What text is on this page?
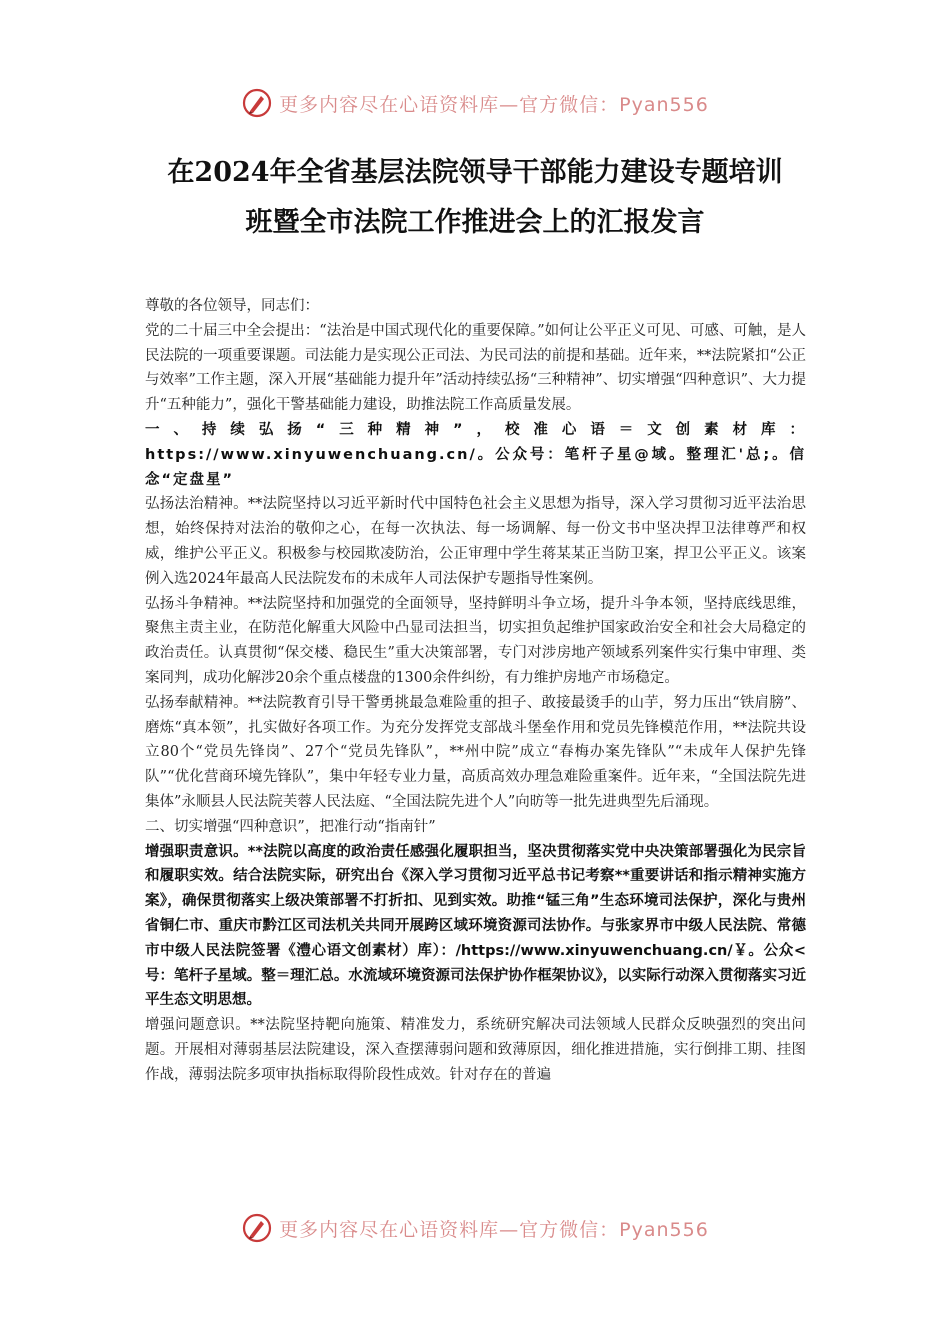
更多内容尽在心语资料库—官方微信：Pyan556
在2024年全省基层法院领导干部能力建设专题培训
班暨全市法院工作推进会上的汇报发言

尊敬的各位领导，同志们：

党的二十届三中全会提出：“法治是中国式现代化的重要保障。”如何让公平正义可见、可感、可触，是人民法院的一项重要课题。司法能力是实现公正司法、为民司法的前提和基础。近年来，**法院紧扣“公正与效率”工作主题，深入开展“基础能力提升年”活动持续弘扬“三种精神”、切实增强“四种意识”、大力提升“五种能力”，强化干警基础能力建设，助推法院工作高质量发展。

一、持续弘扬“三种精神”，校准心语＝文创素材库：https://www.xinyuwenchuang.cn/。公众号：笔杆子星@域。整理汇'总;。信念“定盘星”

弘扬法治精神。**法院坚持以习近平新时代中国特色社会主义思想为指导，深入学习贯彻习近平法治思想，始终保持对法治的敬仰之心，在每一次执法、每一场调解、每一份文书中坚决捍卫法律尊严和权威，维护公平正义。积极参与校园欺凌防治，公正审理中学生蒋某某正当防卫案，捍卫公平正义。该案例入选2024年最高人民法院发布的未成年人司法保护专题指导性案例。

弘扬斗争精神。**法院坚持和加强党的全面领导，坚持鲜明斗争立场，提升斗争本领，坚持底线思维，聚焦主责主业，在防范化解重大风险中凸显司法担当，切实担负起维护国家政治安全和社会大局稳定的政治责任。认真贯彻“保交楼、稳民生”重大决策部署，专门对涉房地产领域系列案件实行集中审理、类案同判，成功化解涉20余个重点楼盘的1300余件纠纷，有力维护房地产市场稳定。

弘扬奉献精神。**法院教育引导干警勇挑最急难险重的担子、敢接最烫手的山芋，努力压出“铁肩膀”、磨炼“真本领”，扎实做好各项工作。为充分发挥党支部战斗堡垒作用和党员先锋模范作用，**法院共设立80个“党员先锋岗”、27个“党员先锋队”，**州中院”成立“春梅办案先锋队”“未成年人保护先锋队”“优化营商环境先锋队”，集中年轻专业力量，高质高效办理急难险重案件。近年来，“全国法院先进集体”永顺县人民法院芙蓉人民法庭、“全国法院先进个人”向昉等一批先进典型先后涌现。

二、切实增强“四种意识”，把准行动“指南针”

增强职责意识。**法院以高度的政治责任感强化履职担当，坚决贯彻落实党中央决策部署强化为民宗旨和履职实效。结合法院实际，研究出台《深入学习贯彻习近平总书记考察**重要讲话和指示精神实施方案》，确保贯彻落实上级决策部署不打折扣、见到实效。助推“锰三角”生态环境司法保护，深化与贵州省铜仁市、重庆市黔江区司法机关共同开展跨区域环境资源司法协作。与张家界市中级人民法院、常德市中级人民法院签署《澧心语文创素材）库）：/https://www.xinyuwenchuang.cn/￥。公众<号：笔杆子星域。整＝理汇总。水流域环境资源司法保护协作框架协议》，以实际行动深入贯彻落实习近平生态文明思想。

增强问题意识。**法院坚持靶向施策、精准发力，系统研究解决司法领域人民群众反映强烈的突出问题。开展相对薄弱基层法院建设，深入查摆薄弱问题和致薄原因，细化推进措施，实行倒排工期、挂图作战，薄弱法院多项审执指标取得阶段性成效。针对存在的普遍

更多内容尽在心语资料库—官方微信：Pyan556
